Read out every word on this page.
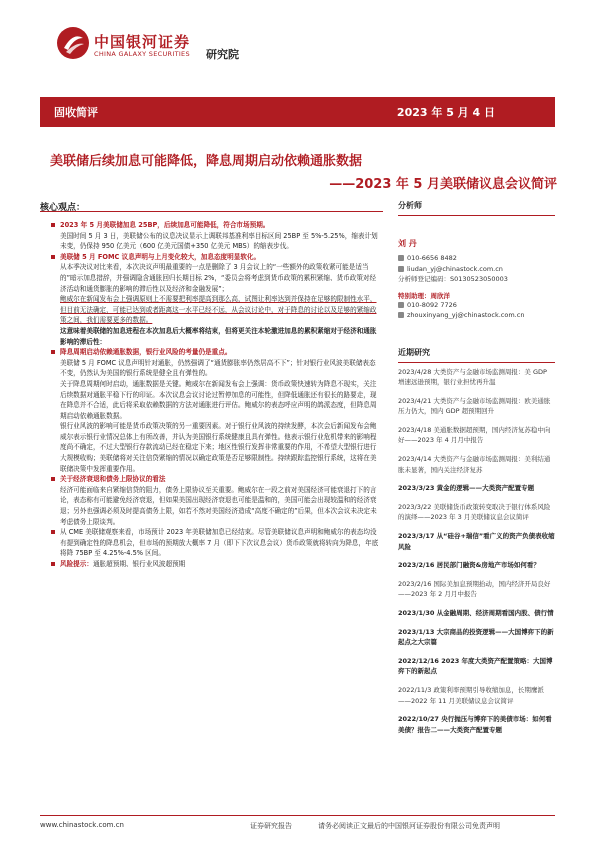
中国银河证券
CHINA GALAXY SECURITIES 研究院
固收简评	2023 年 5 月 4 日
美联储后续加息可能降低，降息周期启动依赖通胀数据
——2023 年 5 月美联储议息会议简评
核心观点：

2023 年 5 月美联储加息 25BP，后续加息可能降低，符合市场预期。

美国时间 5 月 3 日，美联储公布的议息决议显示上调联邦基准利率目标区间 25BP 至 5%-5.25%，缩表计划未变，仍保持 950 亿美元（600 亿美元国债+350 亿美元 MBS）的缩表步伐。

美联储 5 月 FOMC 议息声明与上月变化较大，加息态度明显软化。

从本季决议对比来看，本次决议声明最重要的一点是删除了 3 月会议上的“一些额外的政策收紧可能是适当的”暗示加息措辞，并强调隐含通胀回归长期目标 2%，“委员会将考虑到货币政策的累积紧缩、货币政策对经济活动和通货膨胀的影响的滞后性以及经济和金融发展”；

鲍威尔在新闻发布会上强调原则上不需要把利率提高到那么高，试图让利率达到并保持在足够的限制性水平，但目前无法确定，可能已达到或者距离这一水平已经不远，从会议讨论中，对于降息的讨论以及足够的紧缩政策之间，我们需要更多的数据。

这意味着美联储的加息进程在本次加息后大概率将结束，但将更关注本轮激进加息的累积紧缩对于经济和通胀影响的滞后性：

降息周期启动依赖通胀数据，银行业风险的考量仍是重点。

美联储 5 月 FOMC 议息声明针对通胀，仍然强调了“通货膨胀率仍然居高不下”；针对银行业风波美联储表态不变，仍然认为美国的银行系统是健全且有弹性的。

关于降息周期何时启动，通胀数据是关键。鲍威尔在新闻发布会上强调：货币政策快速转为降息不现实，关注后续数据对通胀平稳下行的印证。本次议息会议讨论过暂停加息的可能性，但降低通胀还有很长的路要走，现在降息并不合适，此后将采取依赖数据的方法对通胀进行评估。鲍威尔的表态呼应声明的鸽派态度，但降息周期启动依赖通胀数据。

银行业风波的影响可能是货币政策决策的另一重要因素。对于银行业风波的持续发酵，本次会后新闻发布会鲍威尔表示银行业情况总体上有所改善，并认为美国银行系统健康且具有弹性。他表示银行业危机带来的影响程度尚不确定，不过大型银行存款流动已经在稳定下来；地区性银行发挥非常重要的作用，不希望大型银行进行大规模收购；美联储将对关注信贷紧缩的情况以确定政策是否足够限制性。持续跟踪监控银行系统，这将在美联储决策中发挥重要作用。

关于经济衰退和债务上限协议的看法

经济可能面临来自紧缩信贷的阻力，债务上限协议至关重要。鲍威尔在一段之前对美国经济可能衰退打下的言论，表态称有可能避免经济衰退，但如果美国出现经济衰退也可能是温和的，美国可能会出现较温和的经济衰退；另外也强调必须及时提高债务上限，如若不然对美国经济造成“高度不确定的”后果，但本次会议未决定未考虑债务上限谈判。

从 CME 美联储观察来看，市场预计 2023 年美联储加息已经结束。尽管美联储议息声明和鲍威尔的表态均没有提到确定性的降息机会，但市场的预期放大概率 7 月（即下下次议息会议）货币政策就将转向为降息，年底将降 75BP 至 4.25%-4.5% 区间。

风险提示：通胀超预期、银行业风波超预期

分析师
刘 丹
010-6656 8482
liudan_yj@chinastock.com.cn
分析师登记编码：S0130523050003
特别助理：周欣洋
010-8092 7726
zhouxinyang_yj@chinastock.com.cn
近期研究
2023/4/28 大类资产与金融市场监测周报：美 GDP 增速远逊预期，银行业担忧再升温
2023/4/21 大类资产与金融市场监测周报：欧美通胀压力仍大，国内 GDP 超预期回升
2023/4/18 美通胀数据超预期，国内经济复苏稳中向好——2023 年 4 月月中报告
2023/4/14 大类资产与金融市场监测周报：美利结通胀未显著，国内关注经济复苏
2023/3/23 黄金的逻辑——大类资产配置专题
2023/3/22 美联储货币政策转变取决于银行体系风险的演绎——2023 年 3 月美联储议息会议简评
2023/3/17 从“硅谷+瑞信”看广义的资产负债表收缩风险
2023/2/16 居民部门融资&房地产市场如何看？
2023/2/16 国际美加息预期抬动，国内经济开局良好——2023 年 2 月月中报告
2023/1/30 从金融周期、经济周期看国内股、债行情
2023/1/13 大宗商品的投资逻辑——大国博弈下的新起点之大宗篇
2022/12/16 2023 年度大类资产配置策略：大国博弈下的新起点
2022/11/3 政策利率预期引导收缩加息，长期鹰派——2022 年 11 月美联储议息会议简评
2022/10/27 央行抛压与博弈下的美债市场：如何看美债？报告二——大类资产配置专题
www.chinastock.com.cn	证券研究报告	请务必阅读正文最后的中国银河证券股份有限公司免责声明
